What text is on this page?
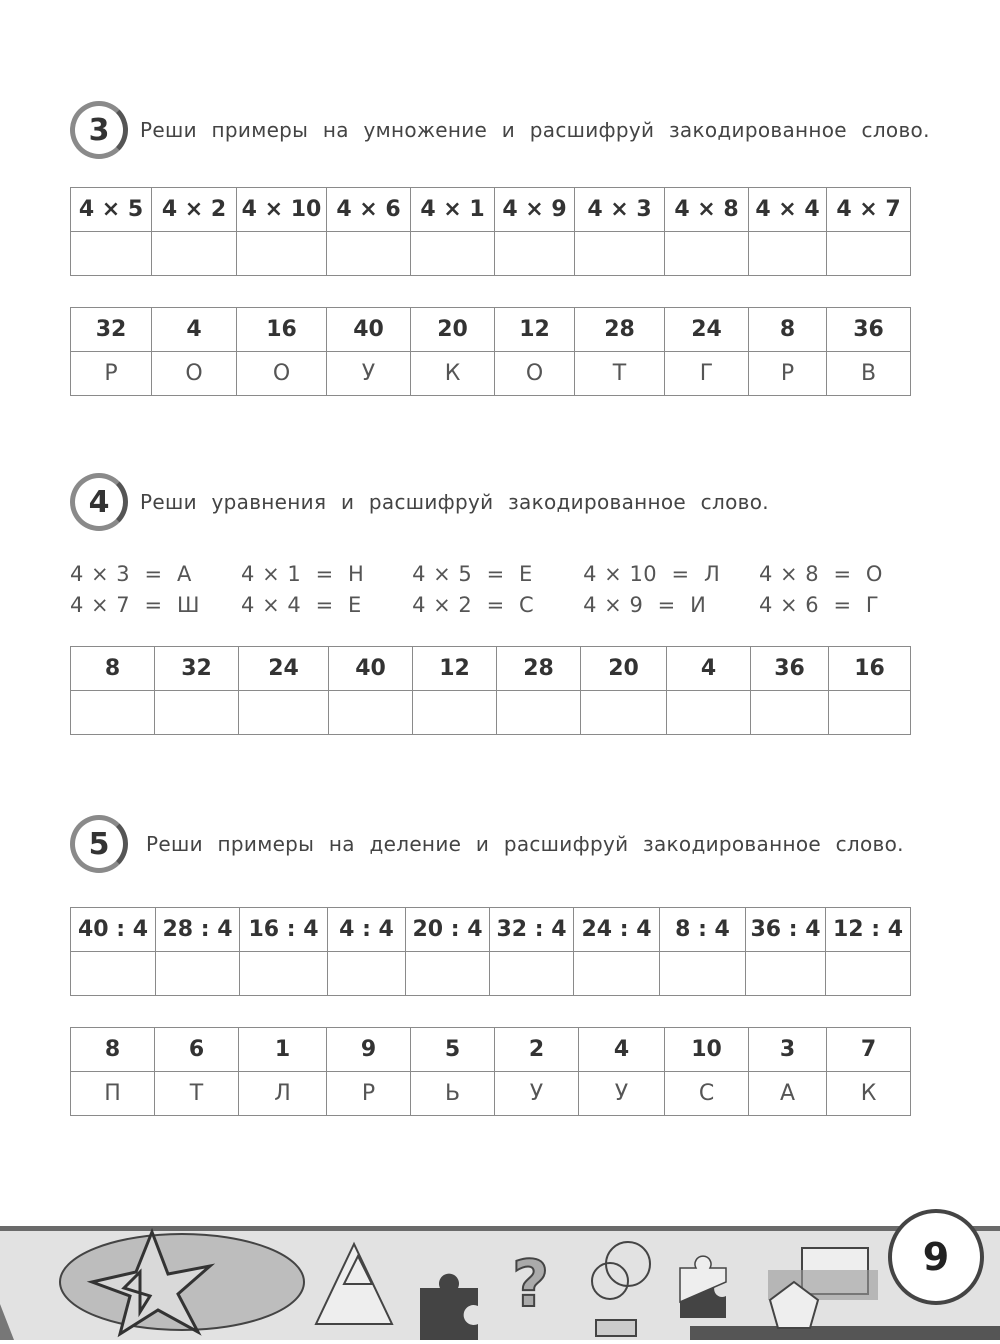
3	Реши примеры на умножение и расшифруй закодированное слово.
4 × 5	4 × 2	4 × 10	4 × 6	4 × 1	4 × 9	4 × 3	4 × 8	4 × 4	4 × 7

32	4	16	40	20	12	28	24	8	36
Р	О	О	У	К	О	Т	Г	Р	В
4	Реши уравнения и расшифруй закодированное слово.
4 × 3  =  А	4 × 1  =  Н	4 × 5  =  Е	4 × 10  =  Л	4 × 8  =  О
4 × 7  =  Ш	4 × 4  =  Е	4 × 2  =  С	4 × 9  =  И	4 × 6  =  Г
8	32	24	40	12	28	20	4	36	16

5	Реши примеры на деление и расшифруй закодированное слово.
40 : 4	28 : 4	16 : 4	4 : 4	20 : 4	32 : 4	24 : 4	8 : 4	36 : 4	12 : 4

8	6	1	9	5	2	4	10	3	7
П	Т	Л	Р	Ь	У	У	С	А	К
?	9
